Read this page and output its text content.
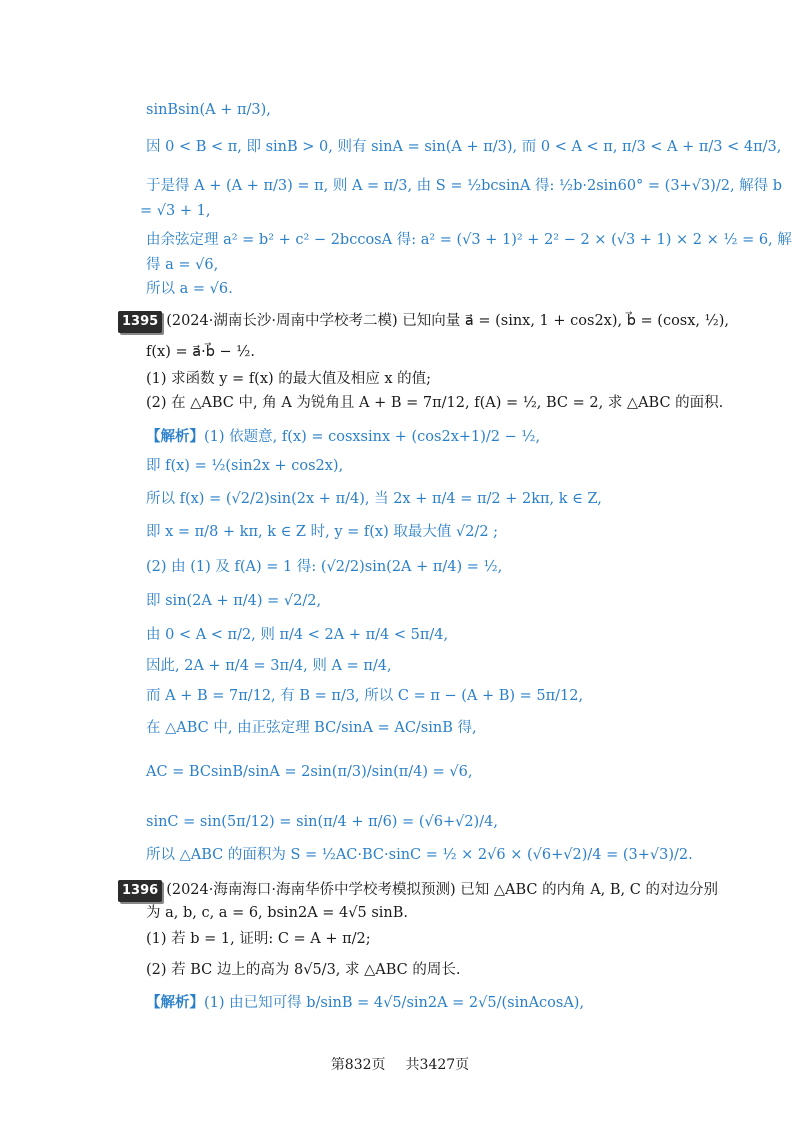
sinBsin(A + π/3),
因 0 < B < π, 即 sinB > 0, 则有 sinA = sin(A + π/3), 而 0 < A < π, π/3 < A + π/3 < 4π/3,
于是得 A + (A + π/3) = π, 则 A = π/3, 由 S = ½bcsinA 得: ½b·2sin60° = (3+√3)/2, 解得 b
= √3 + 1,
由余弦定理 a² = b² + c² − 2bccosA 得: a² = (√3 + 1)² + 2² − 2 × (√3 + 1) × 2 × ½ = 6, 解
得 a = √6,
所以 a = √6.
1395 (2024·湖南长沙·周南中学校考二模) 已知向量 a⃗ = (sinx, 1 + cos2x), b⃗ = (cosx, ½),
f(x) = a⃗·b⃗ − ½.
(1) 求函数 y = f(x) 的最大值及相应 x 的值;
(2) 在 △ABC 中, 角 A 为锐角且 A + B = 7π/12, f(A) = ½, BC = 2, 求 △ABC 的面积.
【解析】(1) 依题意, f(x) = cosxsinx + (cos2x+1)/2 − ½,
即 f(x) = ½(sin2x + cos2x),
所以 f(x) = (√2/2)sin(2x + π/4), 当 2x + π/4 = π/2 + 2kπ, k ∈ Z,
即 x = π/8 + kπ, k ∈ Z 时, y = f(x) 取最大值 √2/2 ;
(2) 由 (1) 及 f(A) = 1 得: (√2/2)sin(2A + π/4) = ½,
即 sin(2A + π/4) = √2/2,
由 0 < A < π/2, 则 π/4 < 2A + π/4 < 5π/4,
因此, 2A + π/4 = 3π/4, 则 A = π/4,
而 A + B = 7π/12, 有 B = π/3, 所以 C = π − (A + B) = 5π/12,
在 △ABC 中, 由正弦定理 BC/sinA = AC/sinB 得,
AC = BCsinB/sinA = 2sin(π/3)/sin(π/4) = √6,
sinC = sin(5π/12) = sin(π/4 + π/6) = (√6+√2)/4,
所以 △ABC 的面积为 S = ½AC·BC·sinC = ½ × 2√6 × (√6+√2)/4 = (3+√3)/2.
1396 (2024·海南海口·海南华侨中学校考模拟预测) 已知 △ABC 的内角 A, B, C 的对边分别
为 a, b, c, a = 6, bsin2A = 4√5 sinB.
(1) 若 b = 1, 证明: C = A + π/2;
(2) 若 BC 边上的高为 8√5/3, 求 △ABC 的周长.
【解析】(1) 由已知可得 b/sinB = 4√5/sin2A = 2√5/(sinAcosA),
第832页 共3427页
